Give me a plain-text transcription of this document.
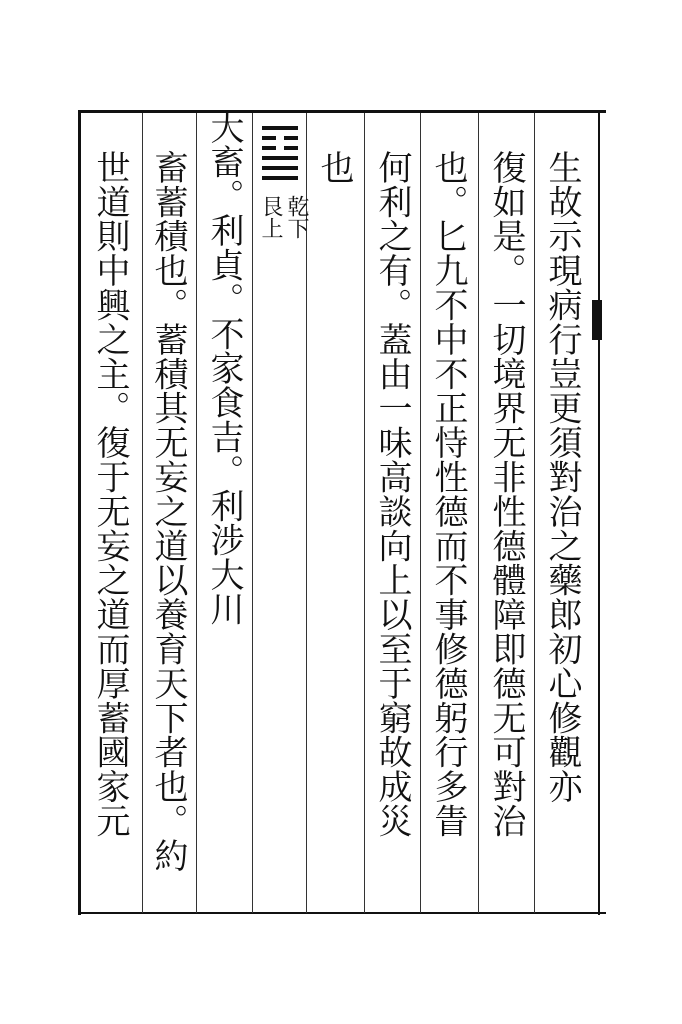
生故示現病行豈更須對治之藥郎初心修觀亦
復如是。一切境界无非性德體障即德无可對治
也。匕九不中不正恃性德而不事修德躬行多眚
何利之有。蓋由一味高談向上以至于窮故成災
也
乾下
艮上
大畜。利貞。不家食吉。利涉大川
畜蓄積也。蓄積其无妄之道以養育天下者也。約
世道則中興之主。復于无妄之道而厚蓄國家元
